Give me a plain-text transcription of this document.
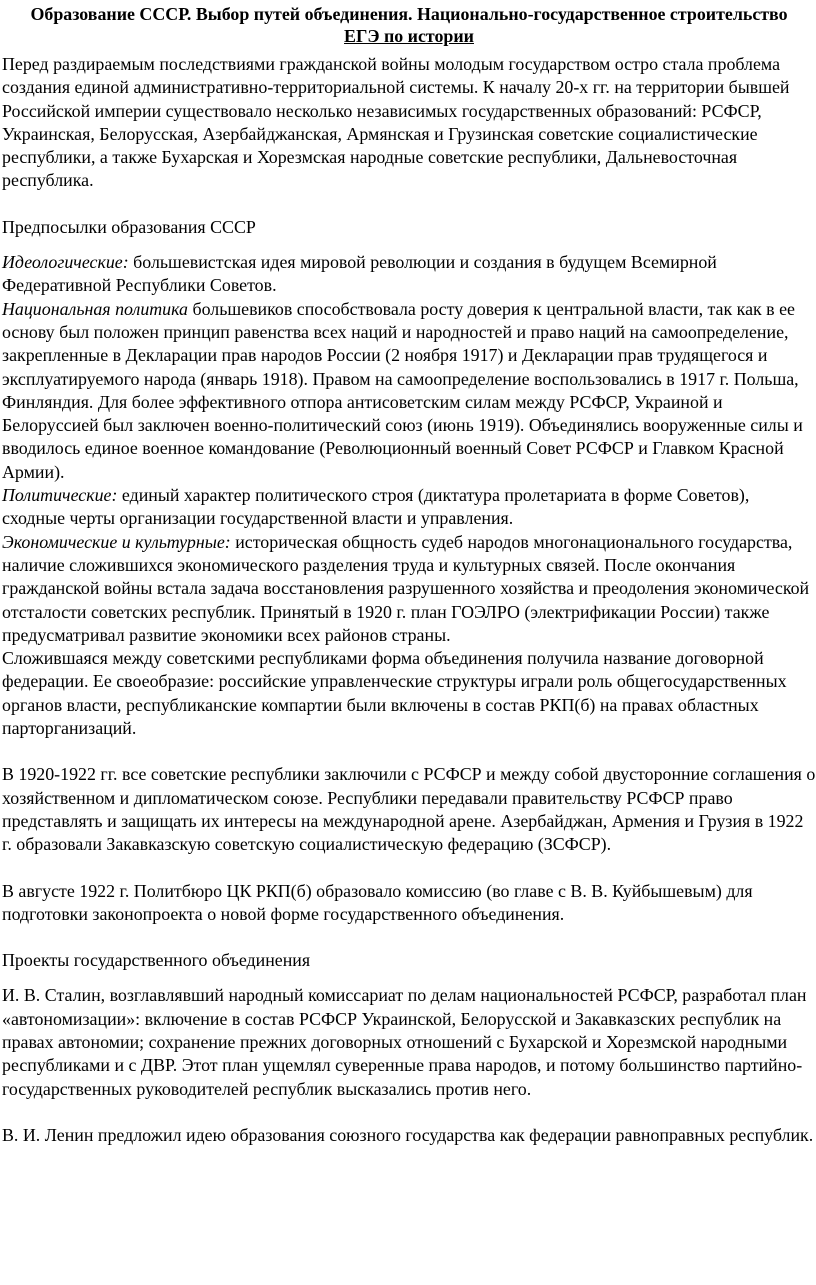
Образование СССР. Выбор путей объединения. Национально-государственное строительство
ЕГЭ по истории

Перед раздираемым последствиями гражданской войны молодым государством остро стала проблема создания единой административно-территориальной системы. К началу 20-х гг. на территории бывшей Российской империи существовало несколько независимых государственных образований: РСФСР, Украинская, Белорусская, Азербайджанская, Армянская и Грузинская советские социалистические республики, а также Бухарская и Хорезмская народные советские республики, Дальневосточная республика.

Предпосылки образования СССР

Идеологические: большевистская идея мировой революции и создания в будущем Всемирной Федеративной Республики Советов.

Национальная политика большевиков способствовала росту доверия к центральной власти, так как в ее основу был положен принцип равенства всех наций и народностей и право наций на самоопределение, закрепленные в Декларации прав народов России (2 ноября 1917) и Декларации прав трудящегося и эксплуатируемого народа (январь 1918). Правом на самоопределение воспользовались в 1917 г. Польша, Финляндия. Для более эффективного отпора антисоветским силам между РСФСР, Украиной и Белоруссией был заключен военно-политический союз (июнь 1919). Объединялись вооруженные силы и вводилось единое военное командование (Революционный военный Совет РСФСР и Главком Красной Армии).

Политические: единый характер политического строя (диктатура пролетариата в форме Советов), сходные черты организации государственной власти и управления.

Экономические и культурные: историческая общность судеб народов многонационального государства, наличие сложившихся экономического разделения труда и культурных связей. После окончания гражданской войны встала задача восстановления разрушенного хозяйства и преодоления экономической отсталости советских республик. Принятый в 1920 г. план ГОЭЛРО (электрификации России) также предусматривал развитие экономики всех районов страны.

Сложившаяся между советскими республиками форма объединения получила название договорной федерации. Ее своеобразие: российские управленческие структуры играли роль общегосударственных органов власти, республиканские компартии были включены в состав РКП(б) на правах областных парторганизаций.

В 1920-1922 гг. все советские республики заключили с РСФСР и между собой двусторонние соглашения о хозяйственном и дипломатическом союзе. Республики передавали правительству РСФСР право представлять и защищать их интересы на международной арене. Азербайджан, Армения и Грузия в 1922 г. образовали Закавказскую советскую социалистическую федерацию (ЗСФСР).

В августе 1922 г. Политбюро ЦК РКП(б) образовало комиссию (во главе с В. В. Куйбышевым) для подготовки законопроекта о новой форме государственного объединения.

Проекты государственного объединения

И. В. Сталин, возглавлявший народный комиссариат по делам национальностей РСФСР, разработал план «автономизации»: включение в состав РСФСР Украинской, Белорусской и Закавказских республик на правах автономии; сохранение прежних договорных отношений с Бухарской и Хорезмской народными республиками и с ДВР. Этот план ущемлял суверенные права народов, и потому большинство партийно-государственных руководителей республик высказались против него.

В. И. Ленин предложил идею образования союзного государства как федерации равноправных республик.
